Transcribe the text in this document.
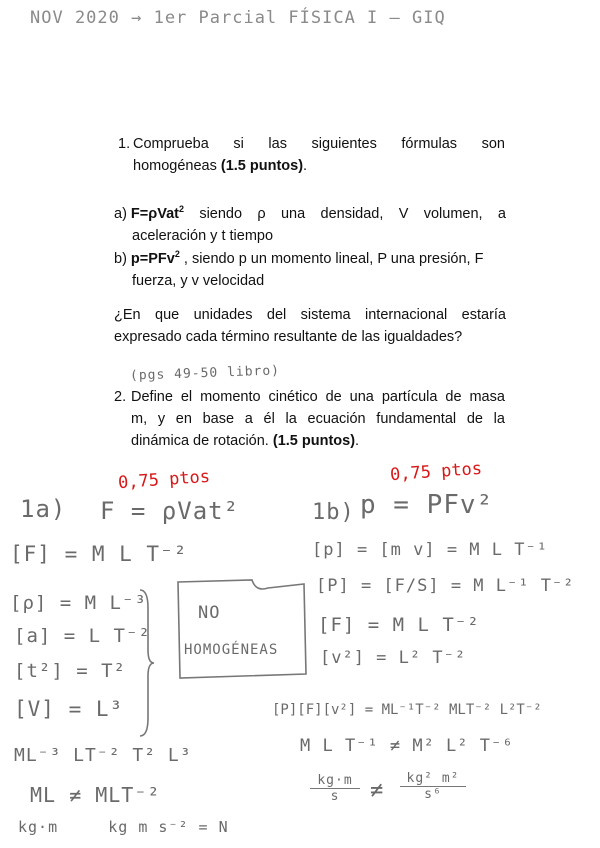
NOV 2020 → 1er Parcial FÍSICA I – GIQ
1. Comprueba si las siguientes fórmulas son
homogéneas (1.5 puntos).
a) F=ρVat$^2$ siendo ρ una densidad, V volumen, a
aceleración y t tiempo
b) p=PFv$^2$ , siendo p un momento lineal, P una presión, F
fuerza, y v velocidad
¿En que unidades del sistema internacional estaría
expresado cada término resultante de las igualdades?
(pgs 49-50 libro)
2. Define el momento cinético de una partícula de masa
m, y en base a él la ecuación fundamental de la
dinámica de rotación. (1.5 puntos).
0,75 ptos	0,75 ptos
1a) F = ρVat²	1b) p = PFv²
[F] = M L T⁻²
[ρ] = M L⁻³
[a] = L T⁻²
[t²] = T²
[V] = L³
NO
HOMOGÉNEAS
[p] = [m v] = M L T⁻¹
[P] = [F/S] = M L⁻¹ T⁻²
[F] = M L T⁻²
[v²] = L² T⁻²
[P][F][v²] = ML⁻¹T⁻² MLT⁻² L²T⁻²
M L T⁻¹ ≠ M² L² T⁻⁶
kg·m
s	≠	kg² m²
s⁶
ML⁻³ LT⁻² T² L³
ML ≠ MLT⁻²
kg·m     kg m s⁻² = N
